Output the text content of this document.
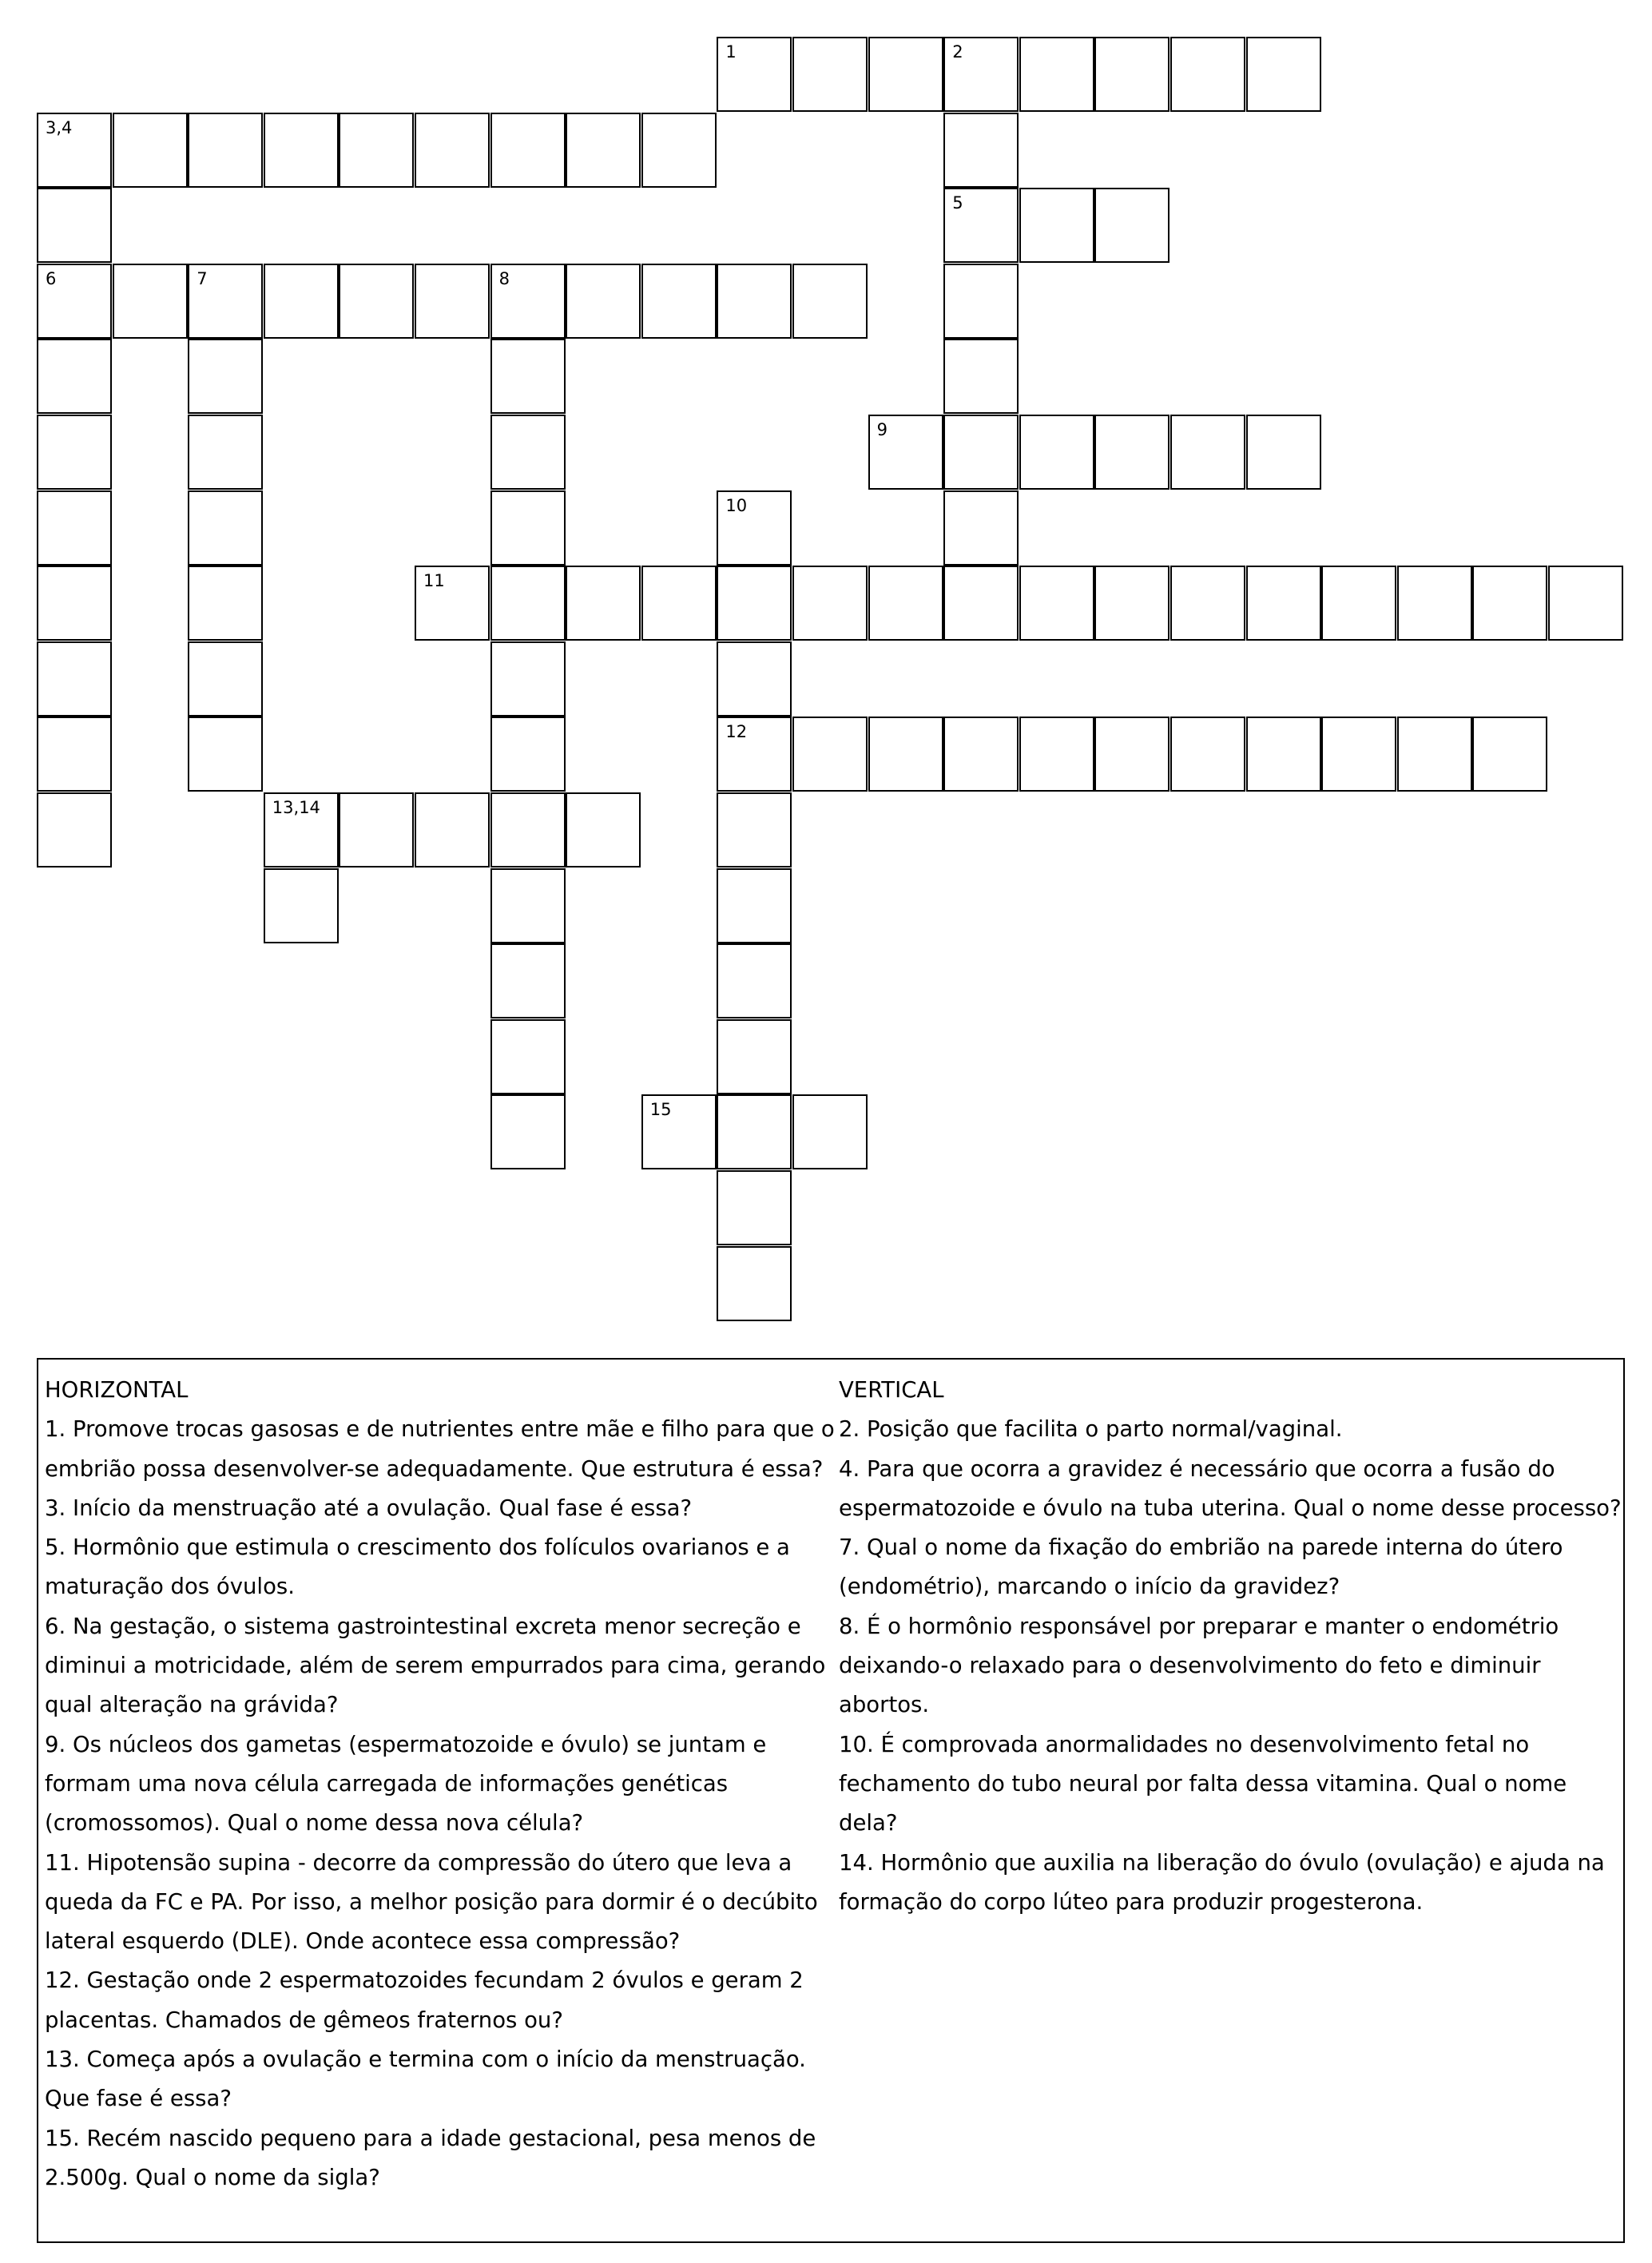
1	2
3,4
5
6	7	8
9
11
12
13,14
15
10
HORIZONTAL
1. Promove trocas gasosas e de nutrientes entre mãe e filho para que o
embrião possa desenvolver-se adequadamente. Que estrutura é essa?
3. Início da menstruação até a ovulação. Qual fase é essa?
5. Hormônio que estimula o crescimento dos folículos ovarianos e a
maturação dos óvulos.
6. Na gestação, o sistema gastrointestinal excreta menor secreção e
diminui a motricidade, além de serem empurrados para cima, gerando
qual alteração na grávida?
9. Os núcleos dos gametas (espermatozoide e óvulo) se juntam e
formam uma nova célula carregada de informações genéticas
(cromossomos). Qual o nome dessa nova célula?
11. Hipotensão supina - decorre da compressão do útero que leva a
queda da FC e PA. Por isso, a melhor posição para dormir é o decúbito
lateral esquerdo (DLE). Onde acontece essa compressão?
12. Gestação onde 2 espermatozoides fecundam 2 óvulos e geram 2
placentas. Chamados de gêmeos fraternos ou?
13. Começa após a ovulação e termina com o início da menstruação.
Que fase é essa?
15. Recém nascido pequeno para a idade gestacional, pesa menos de
2.500g. Qual o nome da sigla?
VERTICAL
2. Posição que facilita o parto normal/vaginal.
4. Para que ocorra a gravidez é necessário que ocorra a fusão do
espermatozoide e óvulo na tuba uterina. Qual o nome desse processo?
7. Qual o nome da fixação do embrião na parede interna do útero
(endométrio), marcando o início da gravidez?
8. É o hormônio responsável por preparar e manter o endométrio
deixando-o relaxado para o desenvolvimento do feto e diminuir abortos.
10. É comprovada anormalidades no desenvolvimento fetal no
fechamento do tubo neural por falta dessa vitamina. Qual o nome dela?
14. Hormônio que auxilia na liberação do óvulo (ovulação) e ajuda na
formação do corpo lúteo para produzir progesterona.
